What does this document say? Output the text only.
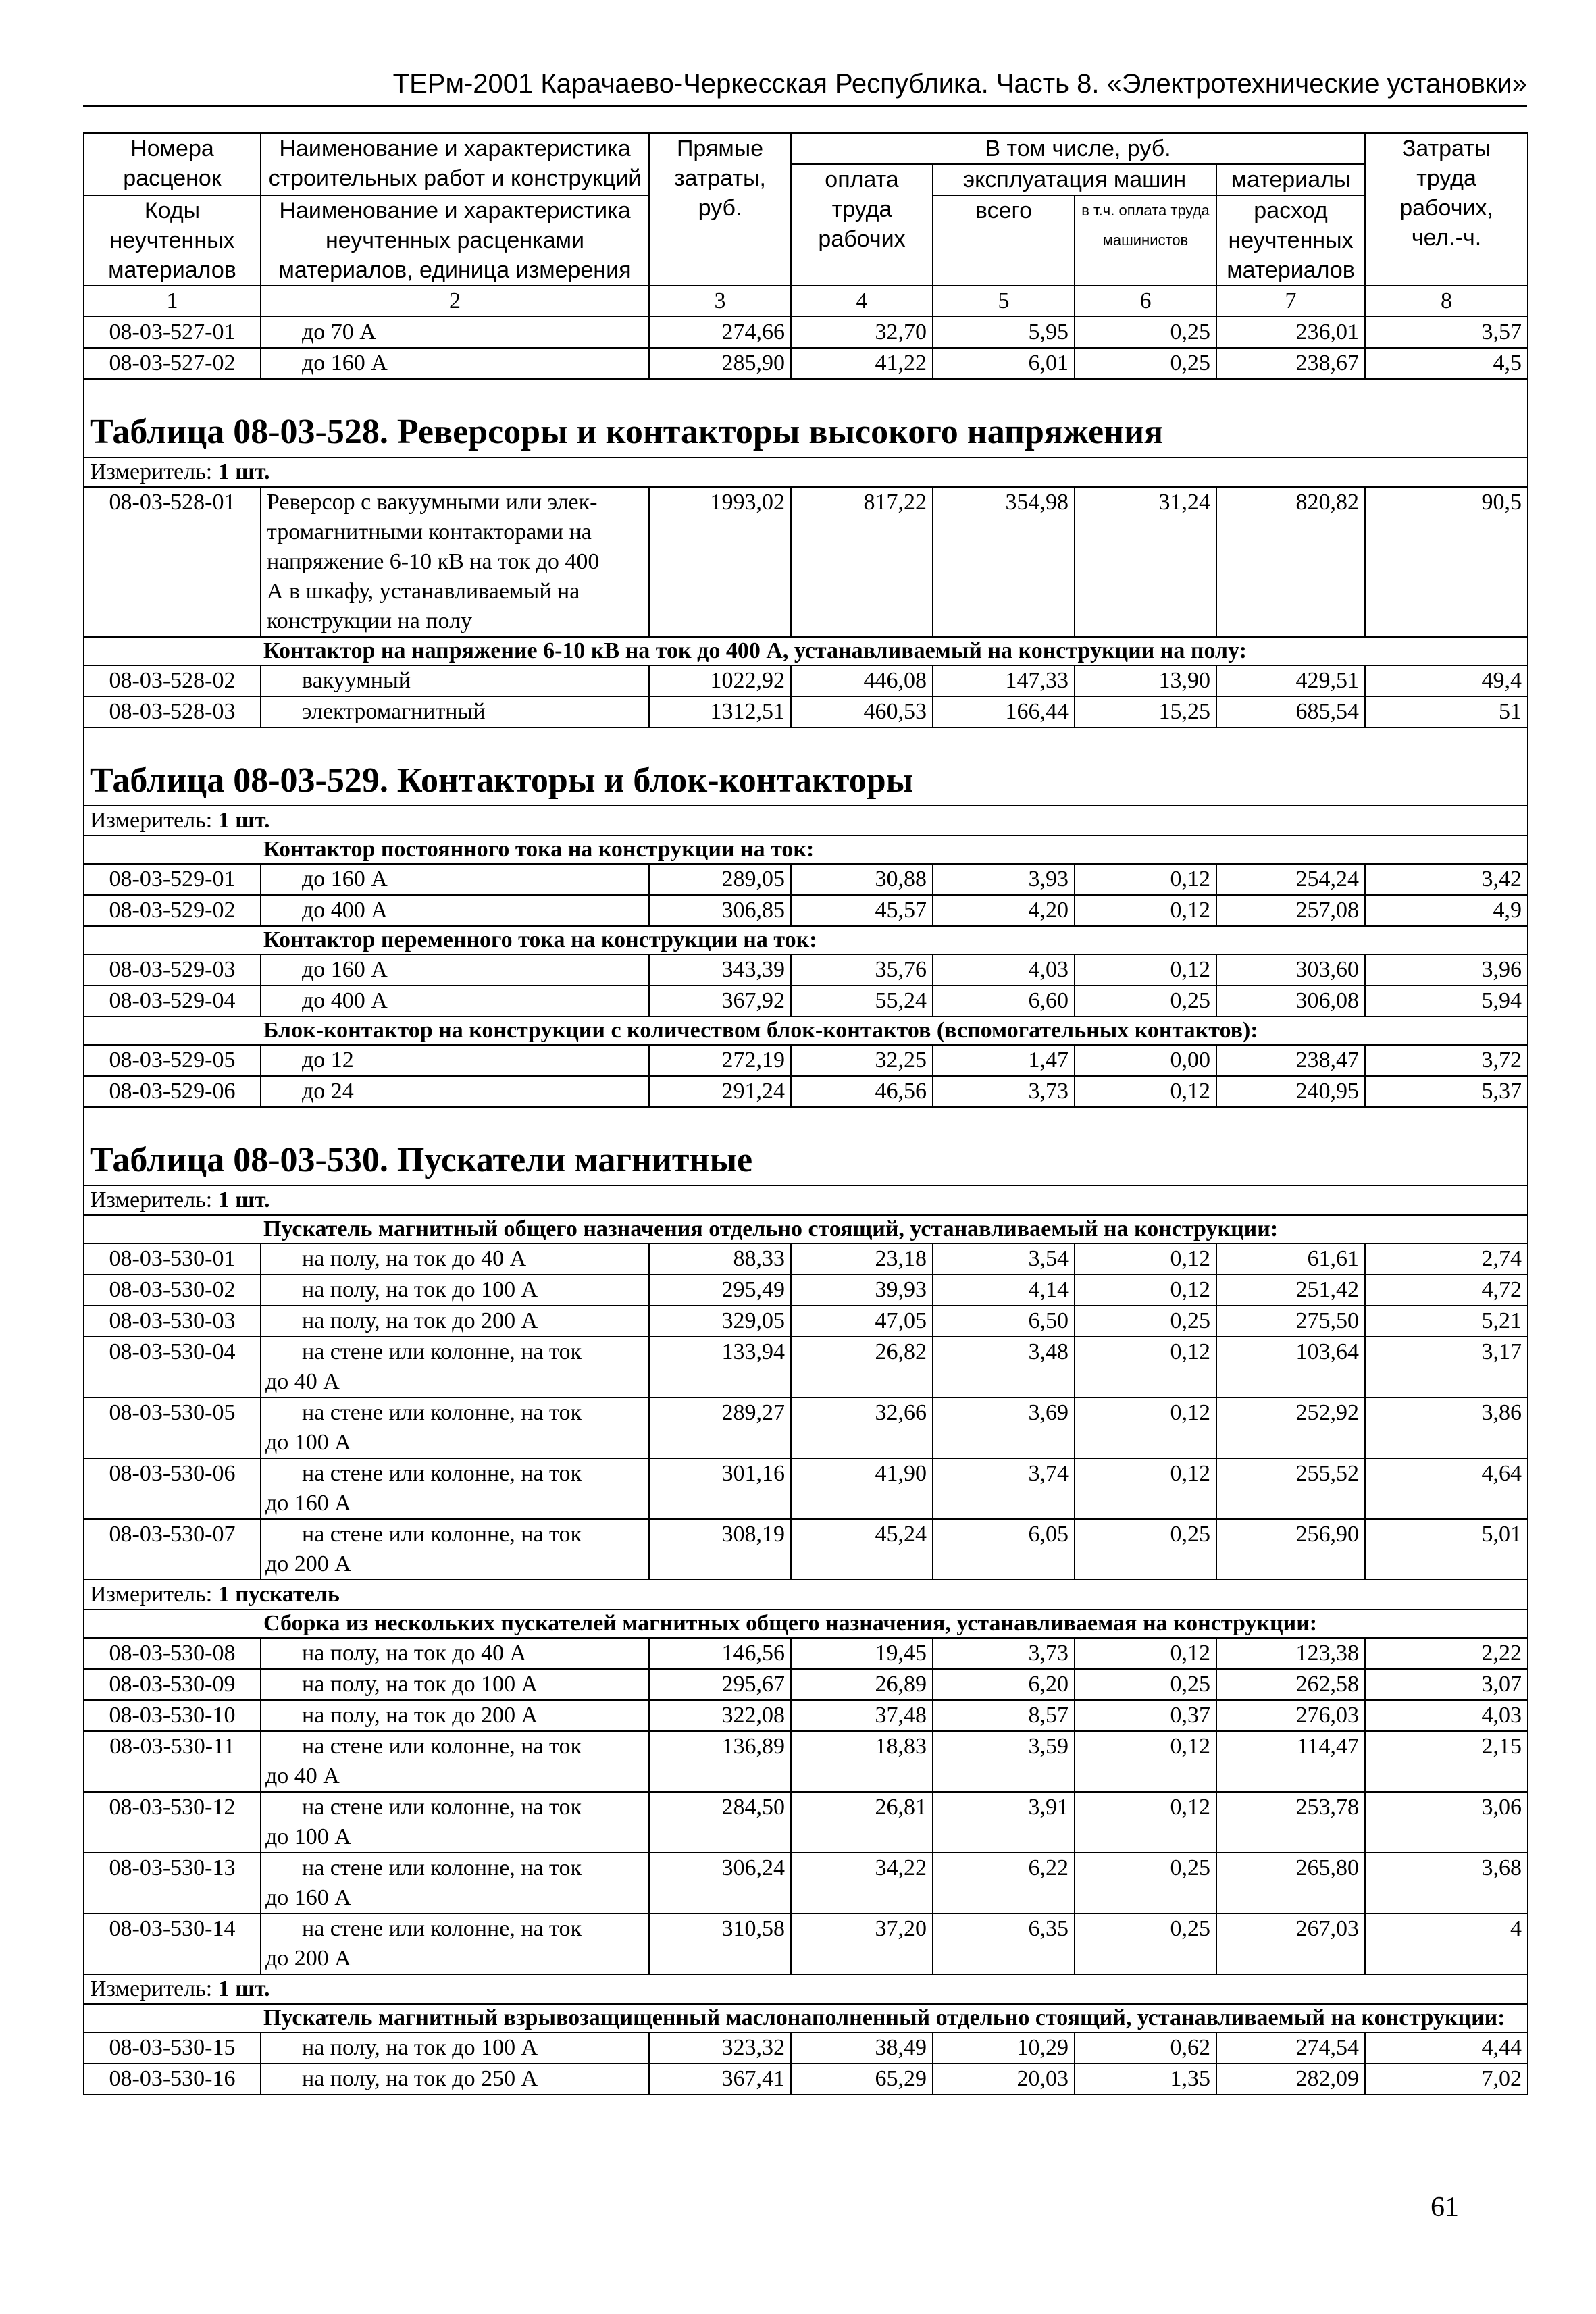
ТЕРм-2001 Карачаево-Черкесская Республика. Часть 8. «Электротехнические установки»
Номера расценок	Наименование и характеристика строительных работ и конструкций	Прямые затраты, руб.	В том числе, руб.				Затраты труда рабочих, чел.-ч.
			оплата труда рабочих	эксплуатация машин		материалы	
Коды неучтенных материалов	Наименование и характеристика неучтенных расценками материалов, единица измерения			всего	в т.ч. оплата труда машинистов	расход неучтенных материалов	

1	2	3	4	5	6	7	8
08-03-527-01	до 70 А	274,66	32,70	5,95	0,25	236,01	3,57
08-03-527-02	до 160 А	285,90	41,22	6,01	0,25	238,67	4,5

Таблица 08-03-528. Реверсоры и контакторы высокого напряжения							
Измеритель: 1 шт.							
08-03-528-01	Реверсор с вакуумными или элек-
тромагнитными контакторами на
напряжение 6-10 кВ на ток до 400
А в шкафу, устанавливаемый на
конструкции на полу	1993,02	817,22	354,98	31,24	820,82	90,5
Контактор на напряжение 6-10 кВ на ток до 400 А, устанавливаемый на конструкции на полу:							
08-03-528-02	вакуумный	1022,92	446,08	147,33	13,90	429,51	49,4
08-03-528-03	электромагнитный	1312,51	460,53	166,44	15,25	685,54	51

Таблица 08-03-529. Контакторы и блок-контакторы							
Измеритель: 1 шт.							
Контактор постоянного тока на конструкции на ток:							
08-03-529-01	до 160 А	289,05	30,88	3,93	0,12	254,24	3,42
08-03-529-02	до 400 А	306,85	45,57	4,20	0,12	257,08	4,9
Контактор переменного тока на конструкции на ток:							
08-03-529-03	до 160 А	343,39	35,76	4,03	0,12	303,60	3,96
08-03-529-04	до 400 А	367,92	55,24	6,60	0,25	306,08	5,94
Блок-контактор на конструкции с количеством блок-контактов (вспомогательных контактов):							
08-03-529-05	до 12	272,19	32,25	1,47	0,00	238,47	3,72
08-03-529-06	до 24	291,24	46,56	3,73	0,12	240,95	5,37

Таблица 08-03-530. Пускатели магнитные							
Измеритель: 1 шт.							
Пускатель магнитный общего назначения отдельно стоящий, устанавливаемый на конструкции:							
08-03-530-01	на полу, на ток до 40 А	88,33	23,18	3,54	0,12	61,61	2,74
08-03-530-02	на полу, на ток до 100 А	295,49	39,93	4,14	0,12	251,42	4,72
08-03-530-03	на полу, на ток до 200 А	329,05	47,05	6,50	0,25	275,50	5,21
08-03-530-04	на стене или колонне, на ток
до 40 А	133,94	26,82	3,48	0,12	103,64	3,17
08-03-530-05	на стене или колонне, на ток
до 100 А	289,27	32,66	3,69	0,12	252,92	3,86
08-03-530-06	на стене или колонне, на ток
до 160 А	301,16	41,90	3,74	0,12	255,52	4,64
08-03-530-07	на стене или колонне, на ток
до 200 А	308,19	45,24	6,05	0,25	256,90	5,01
Измеритель: 1 пускатель							
Сборка из нескольких пускателей магнитных общего назначения, устанавливаемая на конструкции:							
08-03-530-08	на полу, на ток до 40 А	146,56	19,45	3,73	0,12	123,38	2,22
08-03-530-09	на полу, на ток до 100 А	295,67	26,89	6,20	0,25	262,58	3,07
08-03-530-10	на полу, на ток до 200 А	322,08	37,48	8,57	0,37	276,03	4,03
08-03-530-11	на стене или колонне, на ток
до 40 А	136,89	18,83	3,59	0,12	114,47	2,15
08-03-530-12	на стене или колонне, на ток
до 100 А	284,50	26,81	3,91	0,12	253,78	3,06
08-03-530-13	на стене или колонне, на ток
до 160 А	306,24	34,22	6,22	0,25	265,80	3,68
08-03-530-14	на стене или колонне, на ток
до 200 А	310,58	37,20	6,35	0,25	267,03	4
Измеритель: 1 шт.							
Пускатель магнитный взрывозащищенный маслонаполненный отдельно стоящий, устанавливаемый на конструкции:							
08-03-530-15	на полу, на ток до 100 А	323,32	38,49	10,29	0,62	274,54	4,44
08-03-530-16	на полу, на ток до 250 А	367,41	65,29	20,03	1,35	282,09	7,02
61
